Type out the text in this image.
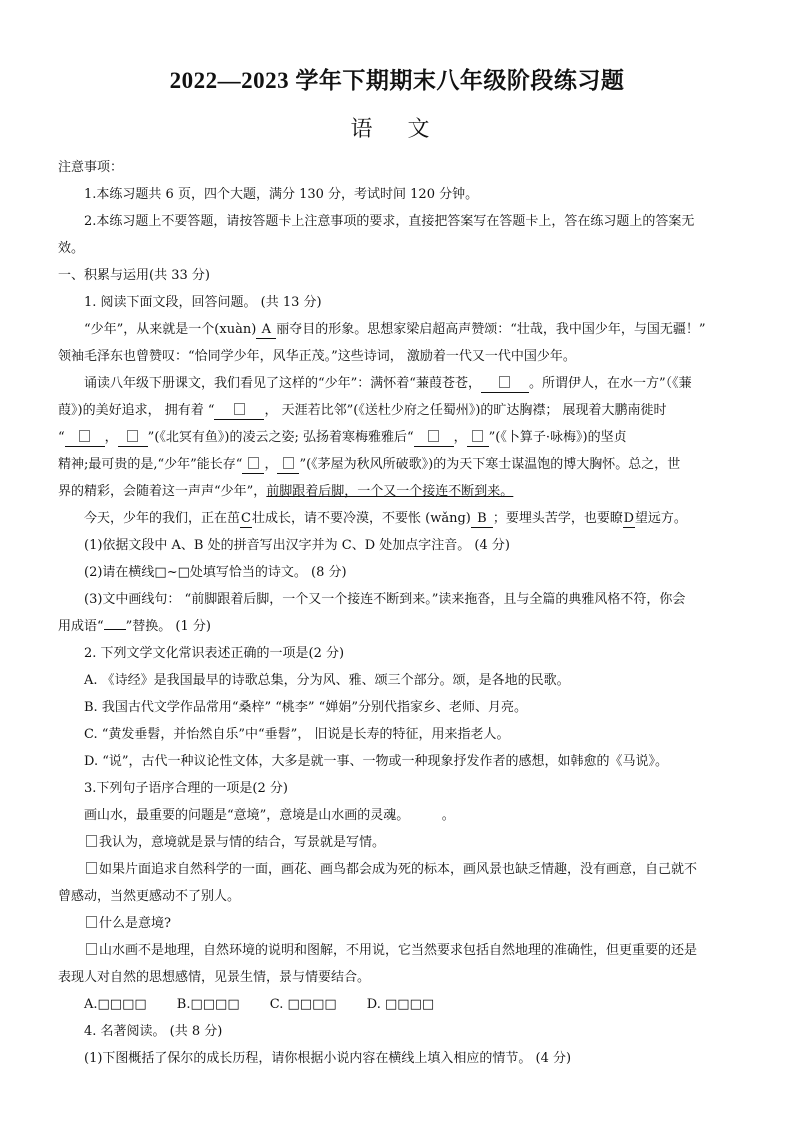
2022—2023 学年下期期末八年级阶段练习题
语 文

注意事项：

1.本练习题共 6 页，四个大题，满分 130 分，考试时间 120 分钟。

2.本练习题上不要答题，请按答题卡上注意事项的要求，直接把答案写在答题卡上，答在练习题上的答案无

效。

一、积累与运用(共 33 分)

1. 阅读下面文段，回答问题。 (共 13 分)

“少年”，从来就是一个(xuàn) A 丽夺目的形象。思想家梁启超高声赞颂：“壮哉，我中国少年，与国无疆！”

领袖毛泽东也曾赞叹：“恰同学少年，风华正茂。”这些诗词， 激励着一代又一代中国少年。

诵读八年级下册课文，我们看见了这样的“少年”：满怀着“蒹葭苍苍，	。所谓伊人，在水一方”（《蒹

葭》)的美好追求， 拥有着 “	， 天涯若比邻”(《送杜少府之任蜀州》)的旷达胸襟； 展现着大鹏南徙时

“	， ”(《北冥有鱼》)的凌云之姿; 弘扬着寒梅雅雅后“	， ”(《卜算子·咏梅》)的坚贞

精神;最可贵的是,“少年”能长存“ ， ”(《茅屋为秋风所破歌》)的为天下寒士谋温饱的博大胸怀。总之，世

界的精彩，会随着这一声声“少年”，前脚跟着后脚，一个又一个接连不断到来。

今天，少年的我们，正在茁C壮成长，请不要冷漠，不要怅 (wǎng) B ；要埋头苦学，也要瞭D望远方。

(1)依据文段中 A、B 处的拼音写出汉字并为 C、D 处加点字注音。 (4 分)

(2)请在横线□~□处填写恰当的诗文。 (8 分)

(3)文中画线句： “前脚跟着后脚，一个又一个接连不断到来。”读来拖沓，且与全篇的典雅风格不符，你会

用成语“ ”替换。 (1 分)

2. 下列文学文化常识表述正确的一项是(2 分)

A. 《诗经》是我国最早的诗歌总集，分为风、雅、颂三个部分。颂，是各地的民歌。

B. 我国古代文学作品常用“桑梓” “桃李” “婵娟”分别代指家乡、老师、月亮。

C. “黄发垂髫，并怡然自乐”中“垂髫”， 旧说是长寿的特征，用来指老人。

D. “说”，古代一种议论性文体，大多是就一事、一物或一种现象抒发作者的感想，如韩愈的《马说》。

3.下列句子语序合理的一项是(2 分)

画山水，最重要的问题是“意境”，意境是山水画的灵魂。　　　。

我认为，意境就是景与情的结合，写景就是写情。

如果片面追求自然科学的一面，画花、画鸟都会成为死的标本，画风景也缺乏情趣，没有画意，自己就不

曾感动，当然更感动不了别人。

什么是意境?

山水画不是地理，自然环境的说明和图解，不用说，它当然要求包括自然地理的准确性，但更重要的还是

表现人对自然的思想感情，见景生情，景与情要结合。

A.□□□□ B.□□□□ C. □□□□ D. □□□□

4. 名著阅读。 (共 8 分)

(1)下图概括了保尔的成长历程，请你根据小说内容在横线上填入相应的情节。 (4 分)
